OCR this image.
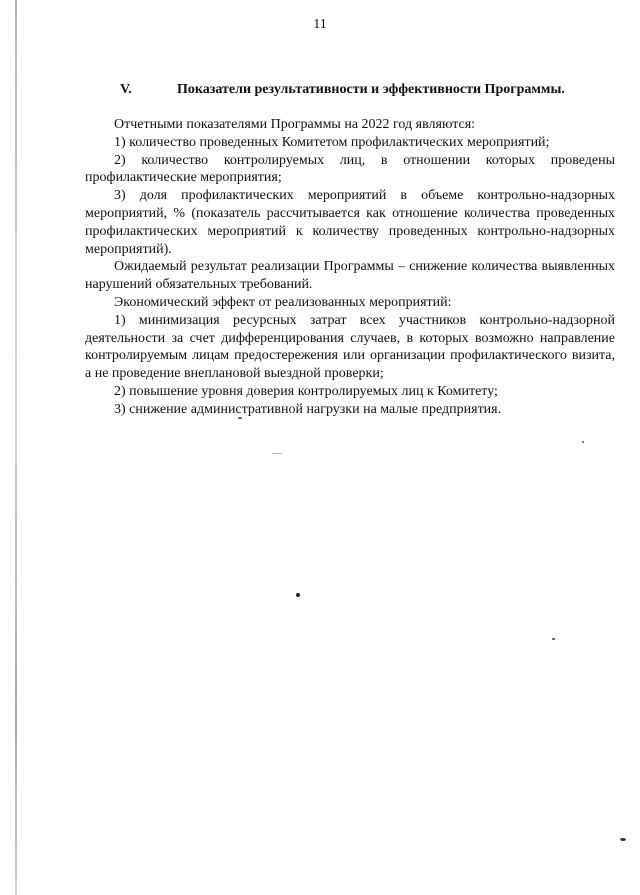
11
V.	Показатели результативности и эффективности Программы.

Отчетными показателями Программы на 2022 год являются:

1) количество проведенных Комитетом профилактических мероприятий;

2) количество контролируемых лиц, в отношении которых проведены профилактические мероприятия;

3) доля профилактических мероприятий в объеме контрольно-надзорных мероприятий, % (показатель рассчитывается как отношение количества проведенных профилактических мероприятий к количеству проведенных контрольно-надзорных мероприятий).

Ожидаемый результат реализации Программы – снижение количества выявленных нарушений обязательных требований.

Экономический эффект от реализованных мероприятий:

1) минимизация ресурсных затрат всех участников контрольно-надзорной деятельности за счет дифференцирования случаев, в которых возможно направление контролируемым лицам предостережения или организации профилактического визита, а не проведение внеплановой выездной проверки;

2) повышение уровня доверия контролируемых лиц к Комитету;

3) снижение административной нагрузки на малые предприятия.
